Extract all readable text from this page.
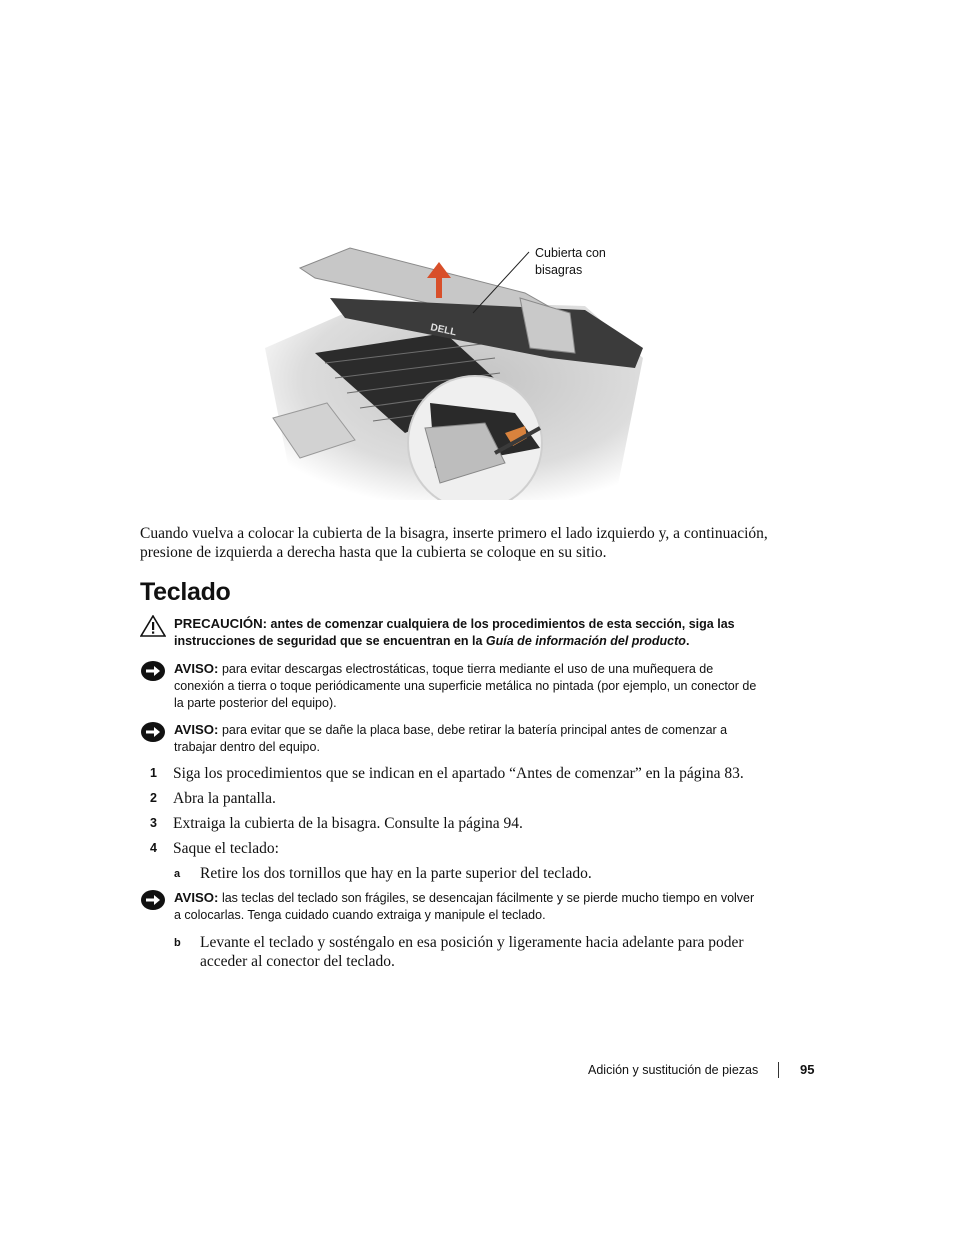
DELL
Cubierta con bisagras
Cuando vuelva a colocar la cubierta de la bisagra, inserte primero el lado izquierdo y, a continuación, presione de izquierda a derecha hasta que la cubierta se coloque en su sitio.
Teclado
PRECAUCIÓN: antes de comenzar cualquiera de los procedimientos de esta sección, siga las instrucciones de seguridad que se encuentran en la Guía de información del producto.
AVISO: para evitar descargas electrostáticas, toque tierra mediante el uso de una muñequera de conexión a tierra o toque periódicamente una superficie metálica no pintada (por ejemplo, un conector de la parte posterior del equipo).
AVISO: para evitar que se dañe la placa base, debe retirar la batería principal antes de comenzar a trabajar dentro del equipo.
1 Siga los procedimientos que se indican en el apartado “Antes de comenzar” en la página 83.
2 Abra la pantalla.
3 Extraiga la cubierta de la bisagra. Consulte la página 94.
4 Saque el teclado:
a Retire los dos tornillos que hay en la parte superior del teclado.
AVISO: las teclas del teclado son frágiles, se desencajan fácilmente y se pierde mucho tiempo en volver a colocarlas. Tenga cuidado cuando extraiga y manipule el teclado.
b Levante el teclado y sosténgalo en esa posición y ligeramente hacia adelante para poder acceder al conector del teclado.
Adición y sustitución de piezas	95
